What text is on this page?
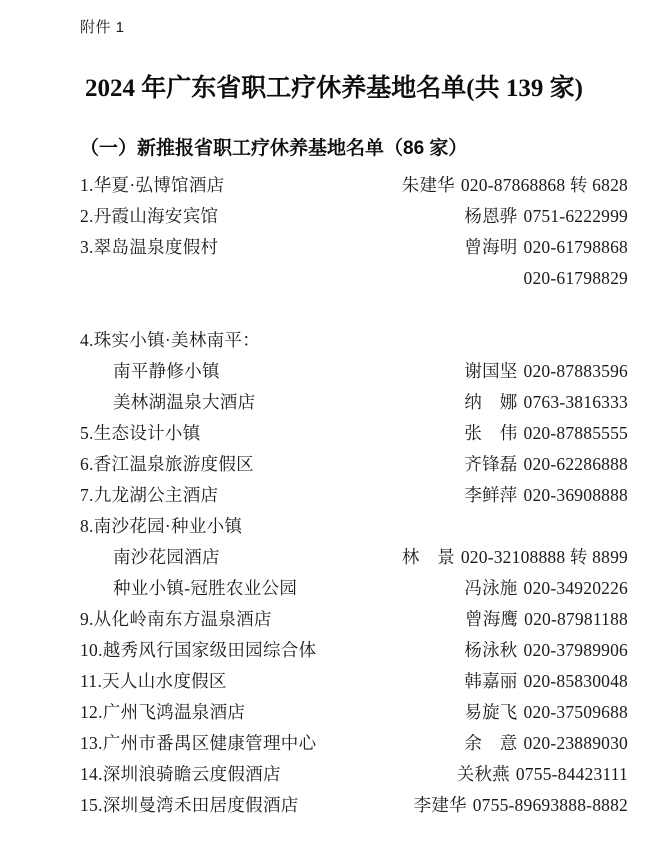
附件 1
2024 年广东省职工疗休养基地名单(共 139 家)
（一）新推报省职工疗休养基地名单（86 家）
1.华夏·弘博馆酒店	朱建华 020-87868868 转 6828
2.丹霞山海安宾馆	杨恩骅 0751-6222999
3.翠岛温泉度假村	曾海明 020-61798868
020-61798829
4.珠实小镇·美林南平：
南平静修小镇	谢国坚 020-87883596
美林湖温泉大酒店	纳　娜 0763-3816333
5.生态设计小镇	张　伟 020-87885555
6.香江温泉旅游度假区	齐锋磊 020-62286888
7.九龙湖公主酒店	李鲜萍 020-36908888
8.南沙花园·种业小镇
南沙花园酒店	林　景 020-32108888 转 8899
种业小镇-冠胜农业公园	冯泳施 020-34920226
9.从化岭南东方温泉酒店	曾海鹰 020-87981188
10.越秀风行国家级田园综合体	杨泳秋 020-37989906
11.天人山水度假区	韩嘉丽 020-85830048
12.广州飞鸿温泉酒店	易旋飞 020-37509688
13.广州市番禺区健康管理中心	余　意 020-23889030
14.深圳浪骑瞻云度假酒店	关秋燕 0755-84423111
15.深圳曼湾禾田居度假酒店	李建华 0755-89693888-8882
